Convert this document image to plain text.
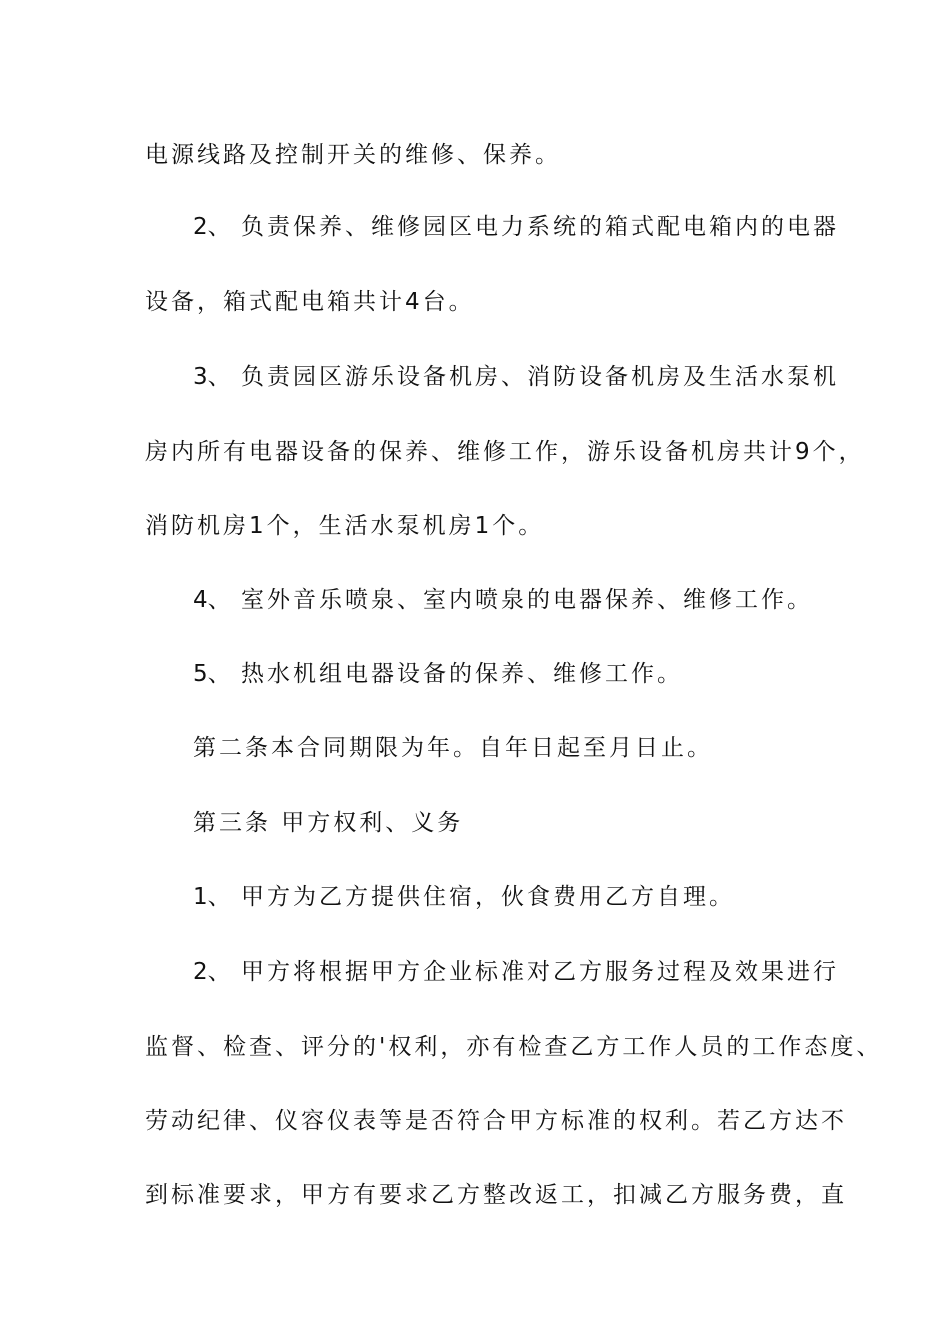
电源线路及控制开关的维修、保养。
2、 负责保养、维修园区电力系统的箱式配电箱内的电器
设备，箱式配电箱共计4台。
3、 负责园区游乐设备机房、消防设备机房及生活水泵机
房内所有电器设备的保养、维修工作，游乐设备机房共计9个，
消防机房1个，生活水泵机房1个。
4、 室外音乐喷泉、室内喷泉的电器保养、维修工作。
5、 热水机组电器设备的保养、维修工作。
第二条本合同期限为年。自年日起至月日止。
第三条 甲方权利、义务
1、 甲方为乙方提供住宿，伙食费用乙方自理。
2、 甲方将根据甲方企业标准对乙方服务过程及效果进行
监督、检查、评分的'权利，亦有检查乙方工作人员的工作态度、
劳动纪律、仪容仪表等是否符合甲方标准的权利。若乙方达不
到标准要求，甲方有要求乙方整改返工，扣减乙方服务费，直
